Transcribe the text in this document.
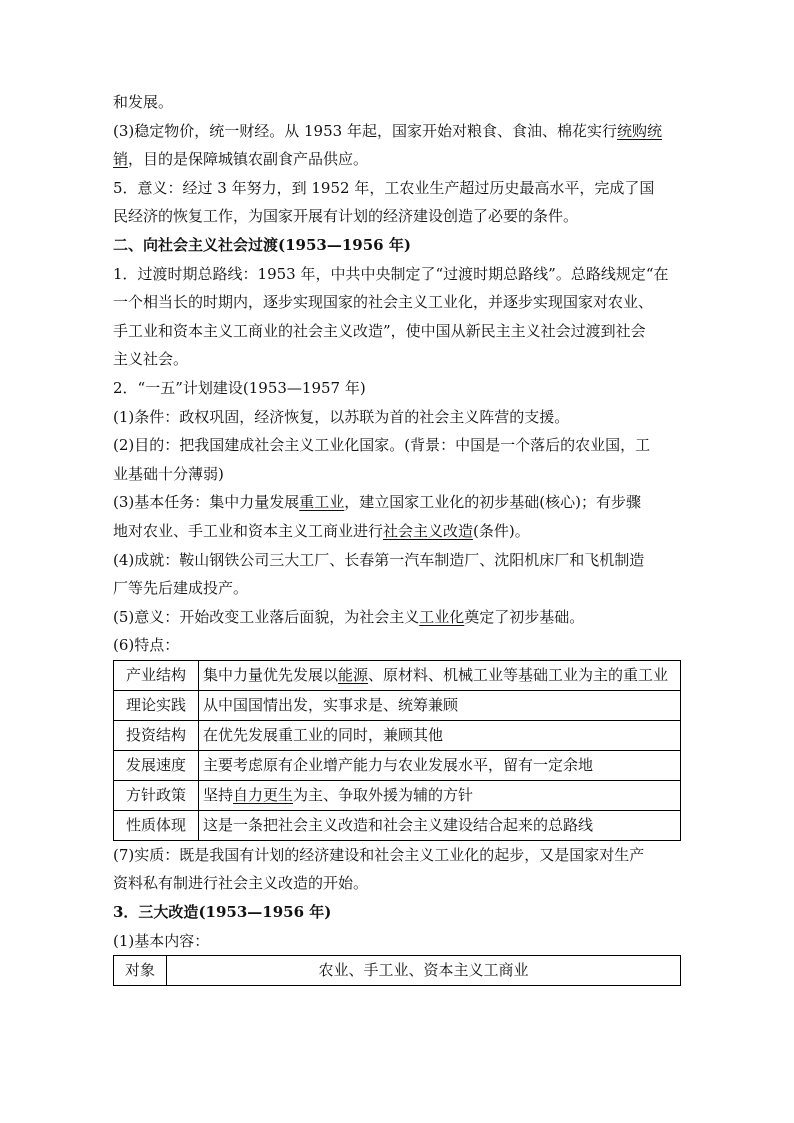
和发展。
(3)稳定物价，统一财经。从 1953 年起，国家开始对粮食、食油、棉花实行统购统
销，目的是保障城镇农副食产品供应。
5．意义：经过 3 年努力，到 1952 年，工农业生产超过历史最高水平，完成了国
民经济的恢复工作，为国家开展有计划的经济建设创造了必要的条件。
二、向社会主义社会过渡(1953—1956 年)
1．过渡时期总路线：1953 年，中共中央制定了“过渡时期总路线”。总路线规定“在
一个相当长的时期内，逐步实现国家的社会主义工业化，并逐步实现国家对农业、
手工业和资本主义工商业的社会主义改造”，使中国从新民主主义社会过渡到社会
主义社会。
2．“一五”计划建设(1953—1957 年)
(1)条件：政权巩固，经济恢复，以苏联为首的社会主义阵营的支援。
(2)目的：把我国建成社会主义工业化国家。(背景：中国是一个落后的农业国，工
业基础十分薄弱)
(3)基本任务：集中力量发展重工业，建立国家工业化的初步基础(核心)；有步骤
地对农业、手工业和资本主义工商业进行社会主义改造(条件)。
(4)成就：鞍山钢铁公司三大工厂、长春第一汽车制造厂、沈阳机床厂和飞机制造
厂等先后建成投产。
(5)意义：开始改变工业落后面貌，为社会主义工业化奠定了初步基础。
(6)特点：
产业结构	集中力量优先发展以能源、原材料、机械工业等基础工业为主的重工业
理论实践	从中国国情出发，实事求是、统筹兼顾
投资结构	在优先发展重工业的同时，兼顾其他
发展速度	主要考虑原有企业增产能力与农业发展水平，留有一定余地
方针政策	坚持自力更生为主、争取外援为辅的方针
性质体现	这是一条把社会主义改造和社会主义建设结合起来的总路线
(7)实质：既是我国有计划的经济建设和社会主义工业化的起步，又是国家对生产
资料私有制进行社会主义改造的开始。
3．三大改造(1953—1956 年)
(1)基本内容：
对象	农业、手工业、资本主义工商业
